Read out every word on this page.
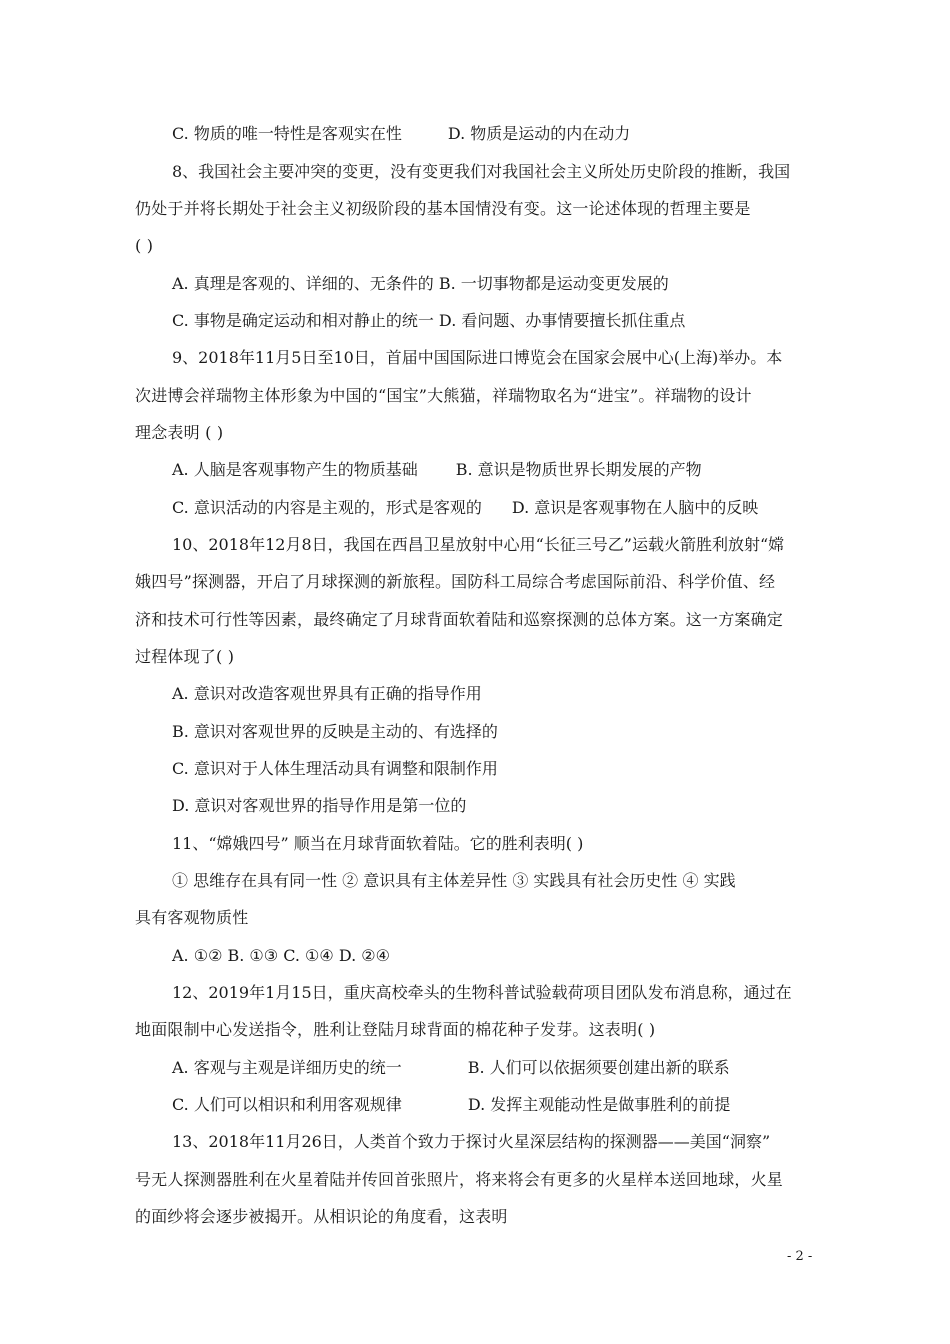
C. 物质的唯一特性是客观实在性	D. 物质是运动的内在动力
8、我国社会主要冲突的变更，没有变更我们对我国社会主义所处历史阶段的推断，我国
仍处于并将长期处于社会主义初级阶段的基本国情没有变。这一论述体现的哲理主要是
( )
A. 真理是客观的、详细的、无条件的 B. 一切事物都是运动变更发展的
C. 事物是确定运动和相对静止的统一 D. 看问题、办事情要擅长抓住重点
9、2018年11月5日至10日，首届中国国际进口博览会在国家会展中心(上海)举办。本
次进博会祥瑞物主体形象为中国的“国宝”大熊猫，祥瑞物取名为“进宝”。祥瑞物的设计
理念表明 ( )
A. 人脑是客观事物产生的物质基础 B. 意识是物质世界长期发展的产物
C. 意识活动的内容是主观的，形式是客观的 D. 意识是客观事物在人脑中的反映
10、2018年12月8日，我国在西昌卫星放射中心用“长征三号乙”运载火箭胜利放射“嫦
娥四号”探测器，开启了月球探测的新旅程。国防科工局综合考虑国际前沿、科学价值、经
济和技术可行性等因素，最终确定了月球背面软着陆和巡察探测的总体方案。这一方案确定
过程体现了( )
A. 意识对改造客观世界具有正确的指导作用
B. 意识对客观世界的反映是主动的、有选择的
C. 意识对于人体生理活动具有调整和限制作用
D. 意识对客观世界的指导作用是第一位的
11、“嫦娥四号” 顺当在月球背面软着陆。它的胜利表明( )
① 思维存在具有同一性 ② 意识具有主体差异性 ③ 实践具有社会历史性 ④ 实践
具有客观物质性
A. ①② B. ①③ C. ①④ D. ②④
12、2019年1月15日，重庆高校牵头的生物科普试验载荷项目团队发布消息称，通过在
地面限制中心发送指令，胜利让登陆月球背面的棉花种子发芽。这表明( )
A. 客观与主观是详细历史的统一	B. 人们可以依据须要创建出新的联系
C. 人们可以相识和利用客观规律	D. 发挥主观能动性是做事胜利的前提
13、2018年11月26日，人类首个致力于探讨火星深层结构的探测器——美国“洞察”
号无人探测器胜利在火星着陆并传回首张照片，将来将会有更多的火星样本送回地球，火星
的面纱将会逐步被揭开。从相识论的角度看，这表明
- 2 -
